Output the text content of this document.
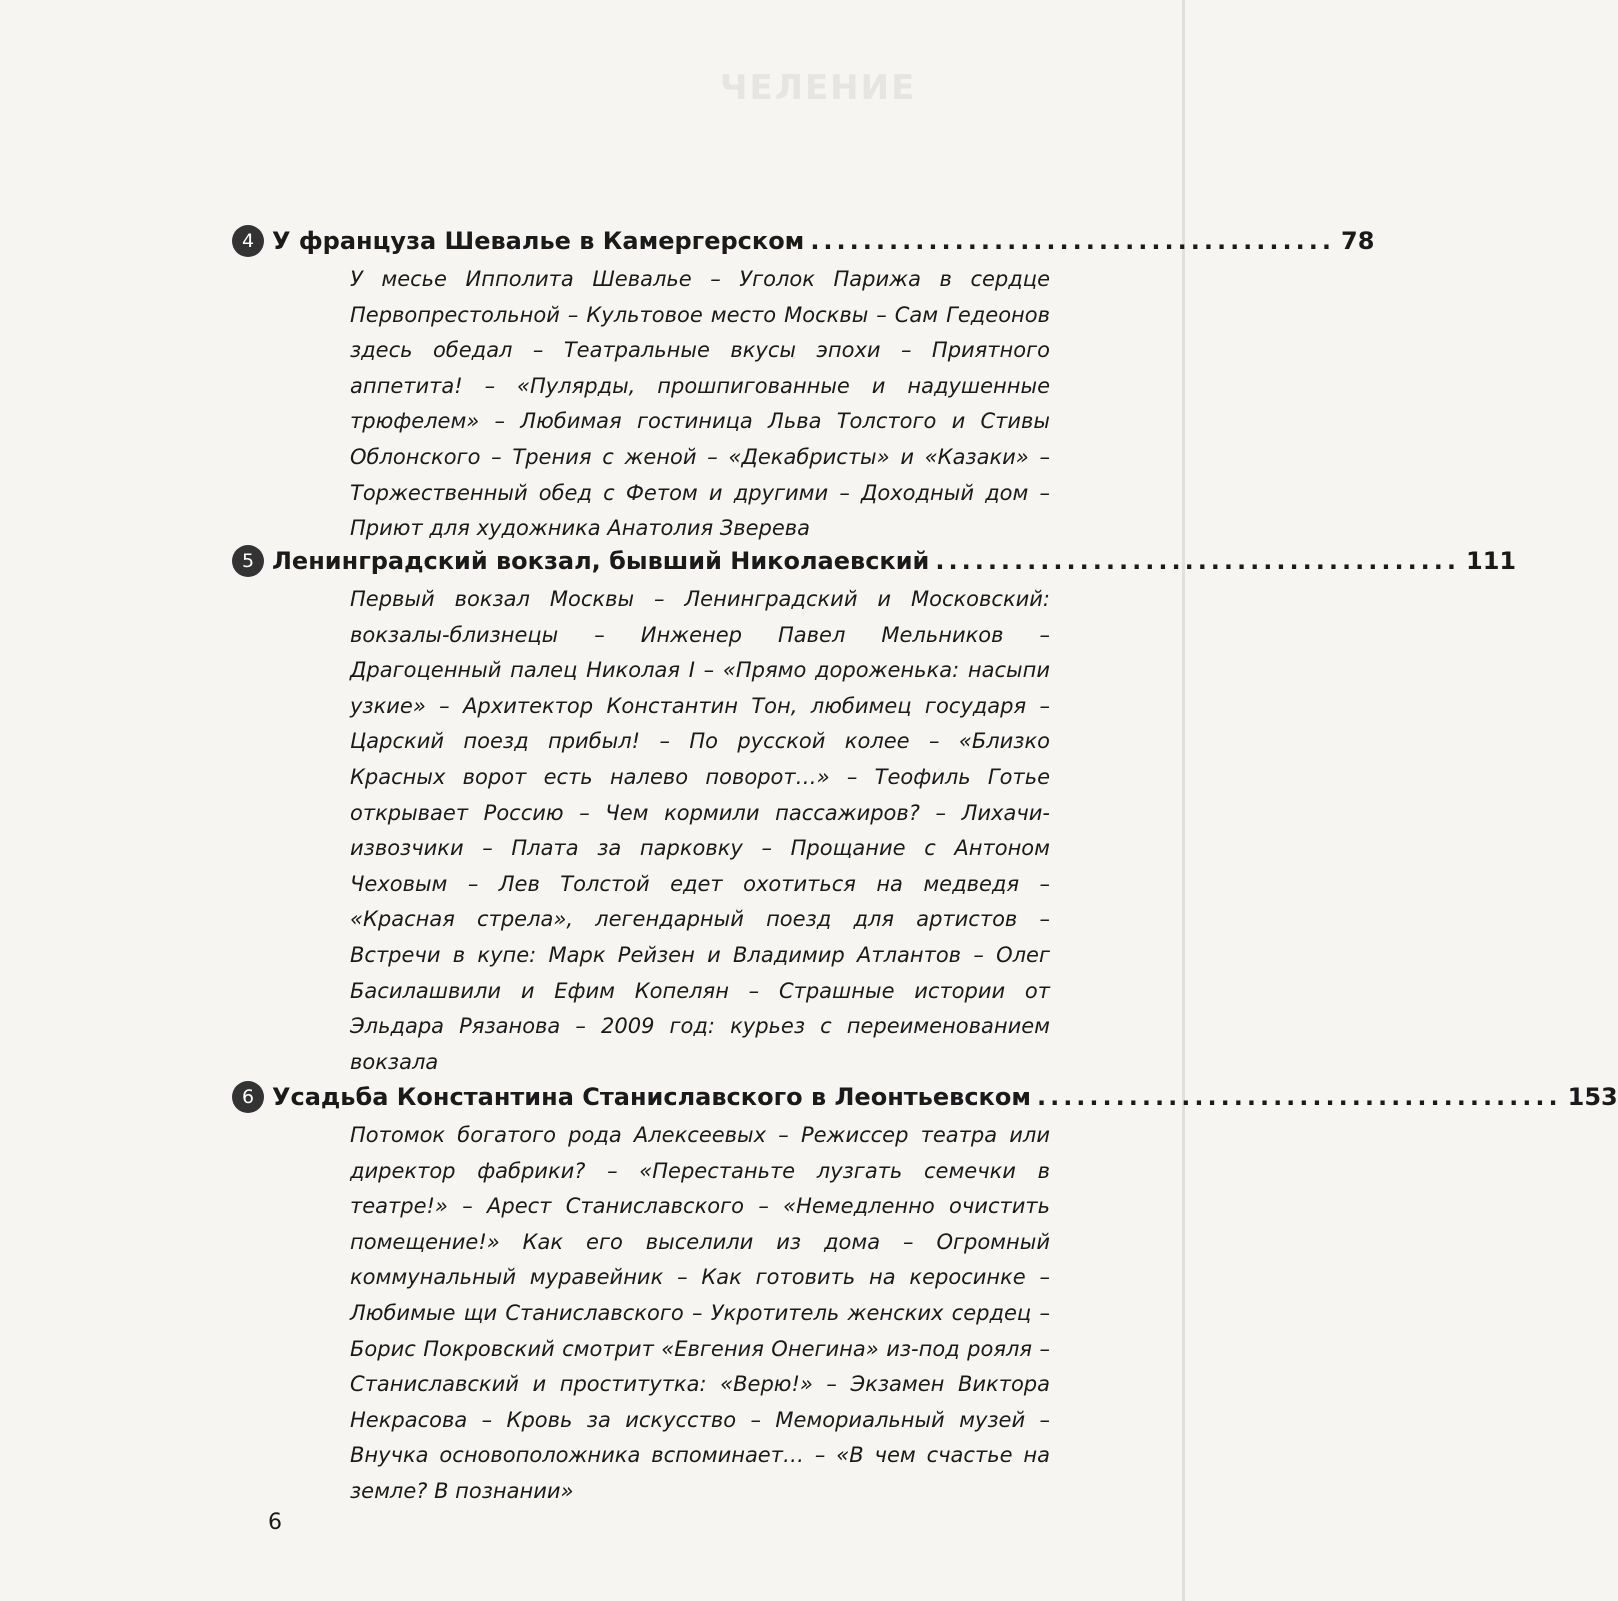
ЧЕЛЕНИЕ
4 У француза Шевалье в Камергерском ........................................ 78

У месье Ипполита Шевалье – Уголок Парижа в сердце Первопрестольной – Культовое место Москвы – Сам Гедеонов здесь обедал – Театральные вкусы эпохи – Приятного аппетита! – «Пулярды, прошпигованные и надушенные трюфелем» – Любимая гостиница Льва Толстого и Стивы Облонского – Трения с женой – «Декабристы» и «Казаки» – Торжественный обед с Фетом и другими – Доходный дом – Приют для художника Анатолия Зверева

5 Ленинградский вокзал, бывший Николаевский ........................................ 111

Первый вокзал Москвы – Ленинградский и Московский: вокзалы-близнецы – Инженер Павел Мельников – Драгоценный палец Николая I – «Прямо дороженька: насыпи узкие» – Архитектор Константин Тон, любимец государя – Царский поезд прибыл! – По русской колее – «Близко Красных ворот есть налево поворот…» – Теофиль Готье открывает Россию – Чем кормили пассажиров? – Лихачи-извозчики – Плата за парковку – Прощание с Антоном Чеховым – Лев Толстой едет охотиться на медведя – «Красная стрела», легендарный поезд для артистов – Встречи в купе: Марк Рейзен и Владимир Атлантов – Олег Басилашвили и Ефим Копелян – Страшные истории от Эльдара Рязанова – 2009 год: курьез с переименованием вокзала

6 Усадьба Константина Станиславского в Леонтьевском ........................................ 153

Потомок богатого рода Алексеевых – Режиссер театра или директор фабрики? – «Перестаньте лузгать семечки в театре!» – Арест Станиславского – «Немедленно очистить помещение!» Как его выселили из дома – Огромный коммунальный муравейник – Как готовить на керосинке – Любимые щи Станиславского – Укротитель женских сердец – Борис Покровский смотрит «Евгения Онегина» из-под рояля – Станиславский и проститутка: «Верю!» – Экзамен Виктора Некрасова – Кровь за искусство – Мемориальный музей – Внучка основоположника вспоминает… – «В чем счастье на земле? В познании»

6
